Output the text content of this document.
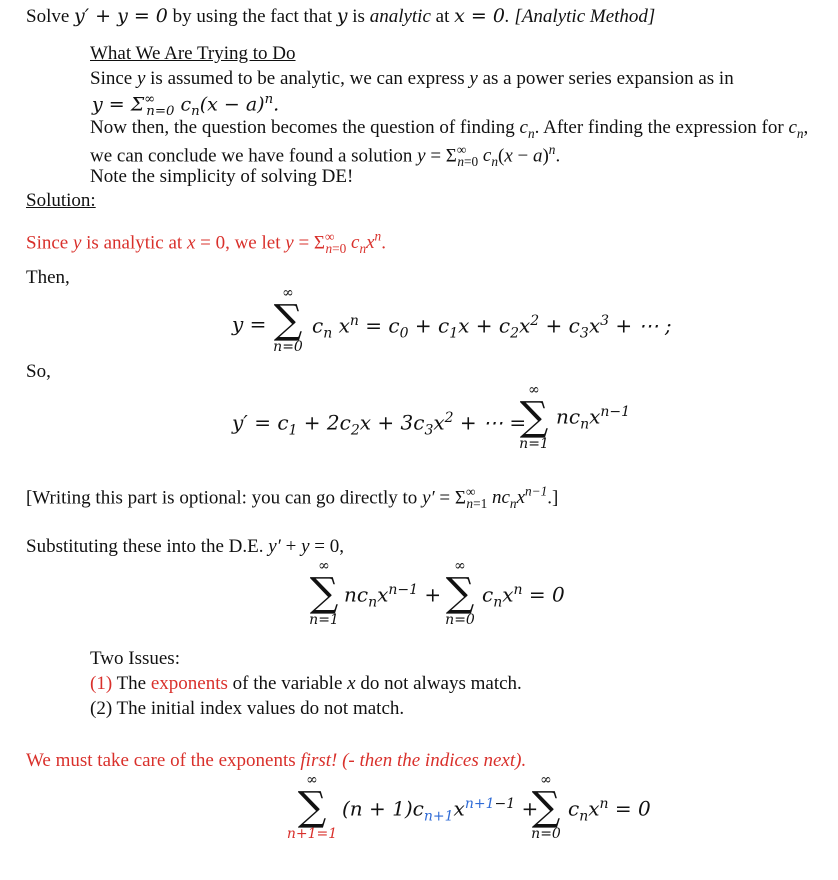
Solve y′ + y = 0 by using the fact that y is analytic at x = 0. [Analytic Method]
What We Are Trying to Do
Since y is assumed to be analytic, we can express y as a power series expansion as in
$y = \Sigma^\infty_{n=0}$ $c_n(x - a)^n$.
Now then, the question becomes the question of finding $c_n$. After finding the expression for $c_n$,
we can conclude we have found a solution $y = \Sigma^\infty_{n=0}$ $c_n(x - a)^n$.
Note the simplicity of solving DE!
Solution:
Since y is analytic at x = 0, we let $y = \Sigma^\infty_{n=0}$ $c_nx^n$.
Then,
y =
∞
∑
n=0
$c_n$ $x^n = c_0 + c_1x + c_2x^2 + c_3x^3$ + ⋯ ;
So,
$y' = c_1 + 2c_2x + 3c_3x^2$ + ⋯ =
∞
∑
n=1
$nc_nx^{n-1}$
[Writing this part is optional: you can go directly to $y' = \Sigma^\infty_{n=1}$ $nc_nx^{n-1}$.]
Substituting these into the D.E. y′ + y = 0,
∞
∑
n=1
$nc_nx^{n-1}$ +
∞
∑
n=0
$c_nx^n = 0$
Two Issues:
(1) The exponents of the variable x do not always match.
(2) The initial index values do not match.
We must take care of the exponents first! (- then the indices next).
∞
∑
n+1=1
$(n + 1)c_{n+1}x^{n+1-1}$ +
∞
∑
n=0
$c_nx^n = 0$
